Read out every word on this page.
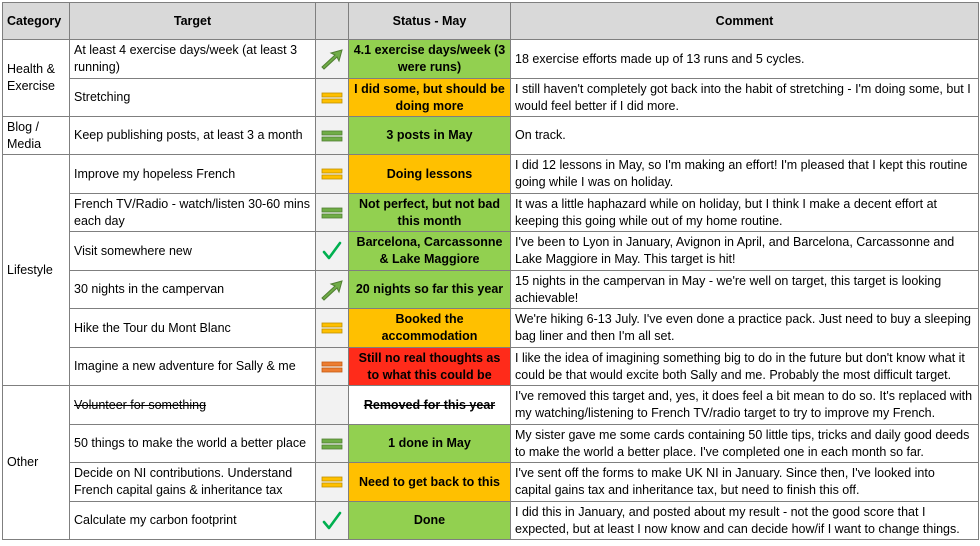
Category	Target		Status - May	Comment
Health & Exercise	At least 4 exercise days/week (at least 3 running)		4.1 exercise days/week (3 were runs)	18 exercise efforts made up of 13 runs and 5 cycles.
	Stretching		I did some, but should be doing more	I still haven't completely got back into the habit of stretching - I'm doing some, but I would feel better if I did more.
Blog / Media	Keep publishing posts, at least 3 a month		3 posts in May	On track.
Lifestyle	Improve my hopeless French		Doing lessons	I did 12 lessons in May, so I'm making an effort! I'm pleased that I kept this routine going while I was on holiday.
	French TV/Radio - watch/listen 30-60 mins each day		Not perfect, but not bad this month	It was a little haphazard while on holiday, but I think I make a decent effort at keeping this going while out of my home routine.
	Visit somewhere new		Barcelona, Carcassonne & Lake Maggiore	I've been to Lyon in January, Avignon in April, and Barcelona, Carcassonne and Lake Maggiore in May. This target is hit!
	30 nights in the campervan		20 nights so far this year	15 nights in the campervan in May - we're well on target, this target is looking achievable!
	Hike the Tour du Mont Blanc		Booked the accommodation	We're hiking 6-13 July. I've even done a practice pack. Just need to buy a sleeping bag liner and then I'm all set.
	Imagine a new adventure for Sally & me		Still no real thoughts as to what this could be	I like the idea of imagining something big to do in the future but don't know what it could be that would excite both Sally and me. Probably the most difficult target.
Other	Volunteer for something		Removed for this year	I've removed this target and, yes, it does feel a bit mean to do so. It's replaced with my watching/listening to French TV/radio target to try to improve my French.
	50 things to make the world a better place		1 done in May	My sister gave me some cards containing 50 little tips, tricks and daily good deeds to make the world a better place. I've completed one in each month so far.
	Decide on NI contributions. Understand French capital gains & inheritance tax		Need to get back to this	I've sent off the forms to make UK NI in January. Since then, I've looked into capital gains tax and inheritance tax, but need to finish this off.
	Calculate my carbon footprint		Done	I did this in January, and posted about my result - not the good score that I expected, but at least I now know and can decide how/if I want to change things.
